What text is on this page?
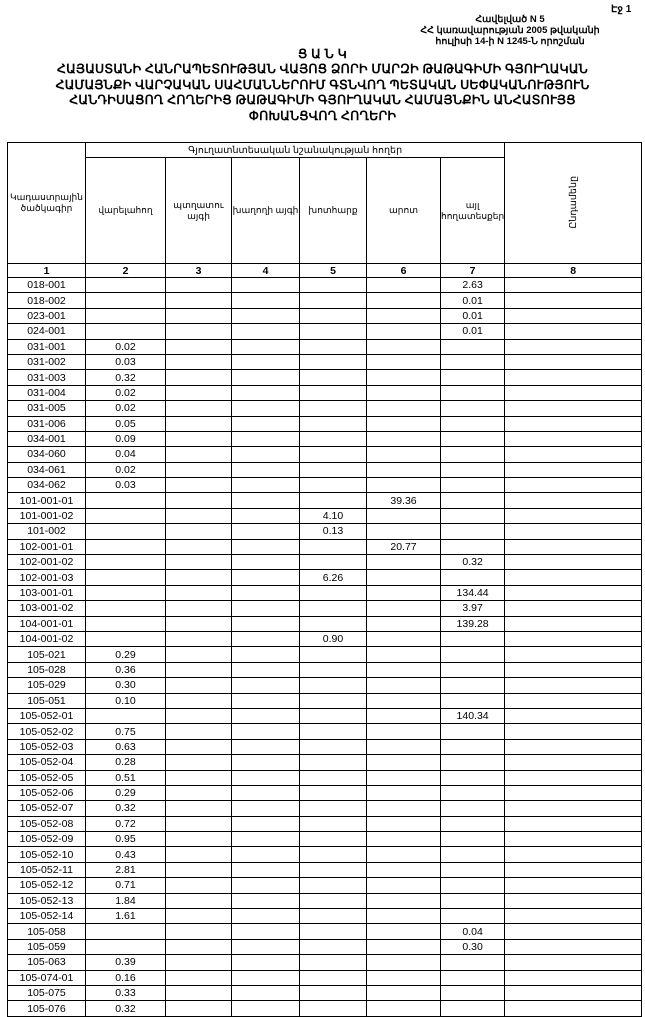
Էջ 1
Հավելված N 5
ՀՀ կառավարության 2005 թվականի
հուլիսի 14-ի N 1245-Ն որոշման
Ց Ա Ն Կ
ՀԱՅԱՍՏԱՆԻ ՀԱՆՐԱՊԵՏՈՒԹՅԱՆ ՎԱՅՈՑ ՁՈՐԻ ՄԱՐԶԻ ԹԱԹԱԳԻՄԻ ԳՅՈՒՂԱԿԱՆ
ՀԱՄԱՅՆՔԻ ՎԱՐՉԱԿԱՆ ՍԱՀՄԱՆՆԵՐՈՒՄ ԳՏՆՎՈՂ ՊԵՏԱԿԱՆ ՍԵՓԱԿԱՆՈՒԹՅՈՒՆ
ՀԱՆԴԻՍԱՑՈՂ ՀՈՂԵՐԻՑ ԹԱԹԱԳԻՄԻ ԳՅՈՒՂԱԿԱՆ ՀԱՄԱՅՆՔԻՆ ԱՆՀԱՏՈՒՅՑ
ՓՈԽԱՆՑՎՈՂ ՀՈՂԵՐԻ
Կադաստրային ծածկագիր	Գյուղատնտեսական նշանակության հողեր						Ընդամենը
	վարելահող	պտղատու այգի	խաղողի այգի	խոտհարք	արոտ	այլ հողատեսքեր	
1	2	3	4	5	6	7	8
018-001						2.63	
018-002						0.01	
023-001						0.01	
024-001						0.01	
031-001	0.02						
031-002	0.03						
031-003	0.32						
031-004	0.02						
031-005	0.02						
031-006	0.05						
034-001	0.09						
034-060	0.04						
034-061	0.02						
034-062	0.03						
101-001-01					39.36		
101-001-02				4.10			
101-002				0.13			
102-001-01					20.77		
102-001-02						0.32	
102-001-03				6.26			
103-001-01						134.44	
103-001-02						3.97	
104-001-01						139.28	
104-001-02				0.90			
105-021	0.29						
105-028	0.36						
105-029	0.30						
105-051	0.10						
105-052-01						140.34	
105-052-02	0.75						
105-052-03	0.63						
105-052-04	0.28						
105-052-05	0.51						
105-052-06	0.29						
105-052-07	0.32						
105-052-08	0.72						
105-052-09	0.95						
105-052-10	0.43						
105-052-11	2.81						
105-052-12	0.71						
105-052-13	1.84						
105-052-14	1.61						
105-058						0.04	
105-059						0.30	
105-063	0.39						
105-074-01	0.16						
105-075	0.33						
105-076	0.32						
